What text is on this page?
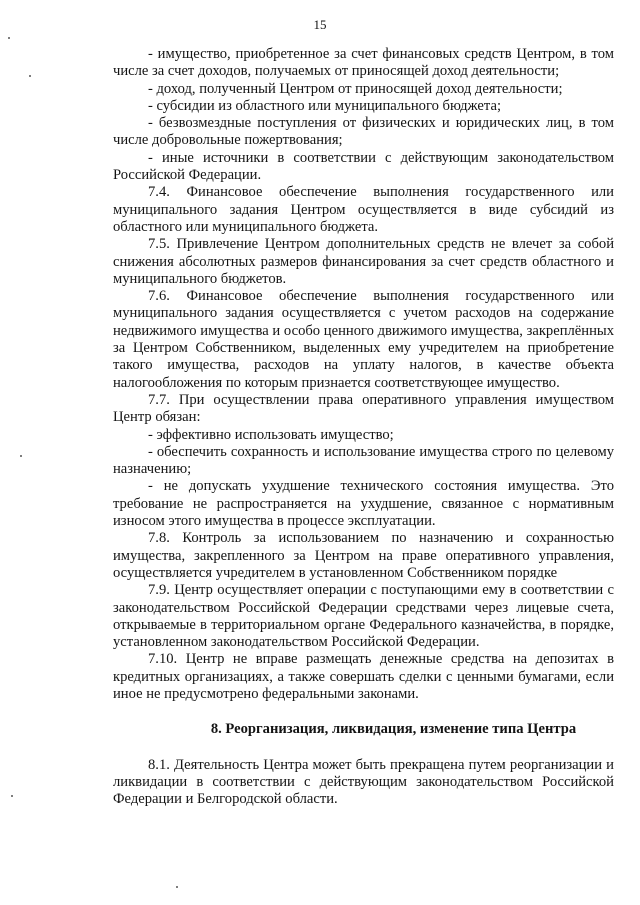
15

- имущество, приобретенное за счет финансовых средств Центром, в том числе за счет доходов, получаемых от приносящей доход деятельности;

- доход, полученный Центром от приносящей доход деятельности;

- субсидии из областного или муниципального бюджета;

- безвозмездные поступления от физических и юридических лиц, в том числе добровольные пожертвования;

- иные источники в соответствии с действующим законодательством Российской Федерации.

7.4. Финансовое обеспечение выполнения государственного или муниципального задания Центром осуществляется в виде субсидий из областного или муниципального бюджета.

7.5. Привлечение Центром дополнительных средств не влечет за собой снижения абсолютных размеров финансирования за счет средств областного и муниципального бюджетов.

7.6. Финансовое обеспечение выполнения государственного или муниципального задания осуществляется с учетом расходов на содержание недвижимого имущества и особо ценного движимого имущества, закреплённых за Центром Собственником, выделенных ему учредителем на приобретение такого имущества, расходов на уплату налогов, в качестве объекта налогообложения по которым признается соответствующее имущество.

7.7. При осуществлении права оперативного управления имуществом Центр обязан:

- эффективно использовать имущество;

- обеспечить сохранность и использование имущества строго по целевому назначению;

- не допускать ухудшение технического состояния имущества. Это требование не распространяется на ухудшение, связанное с нормативным износом этого имущества в процессе эксплуатации.

7.8. Контроль за использованием по назначению и сохранностью имущества, закрепленного за Центром на праве оперативного управления, осуществляется учредителем в установленном Собственником порядке

7.9. Центр осуществляет операции с поступающими ему в соответствии с законодательством Российской Федерации средствами через лицевые счета, открываемые в территориальном органе Федерального казначейства, в порядке, установленном законодательством Российской Федерации.

7.10. Центр не вправе размещать денежные средства на депозитах в кредитных организациях, а также совершать сделки с ценными бумагами, если иное не предусмотрено федеральными законами.

8. Реорганизация, ликвидация, изменение типа Центра

8.1. Деятельность Центра может быть прекращена путем реорганизации и ликвидации в соответствии с действующим законодательством Российской Федерации и Белгородской области.
